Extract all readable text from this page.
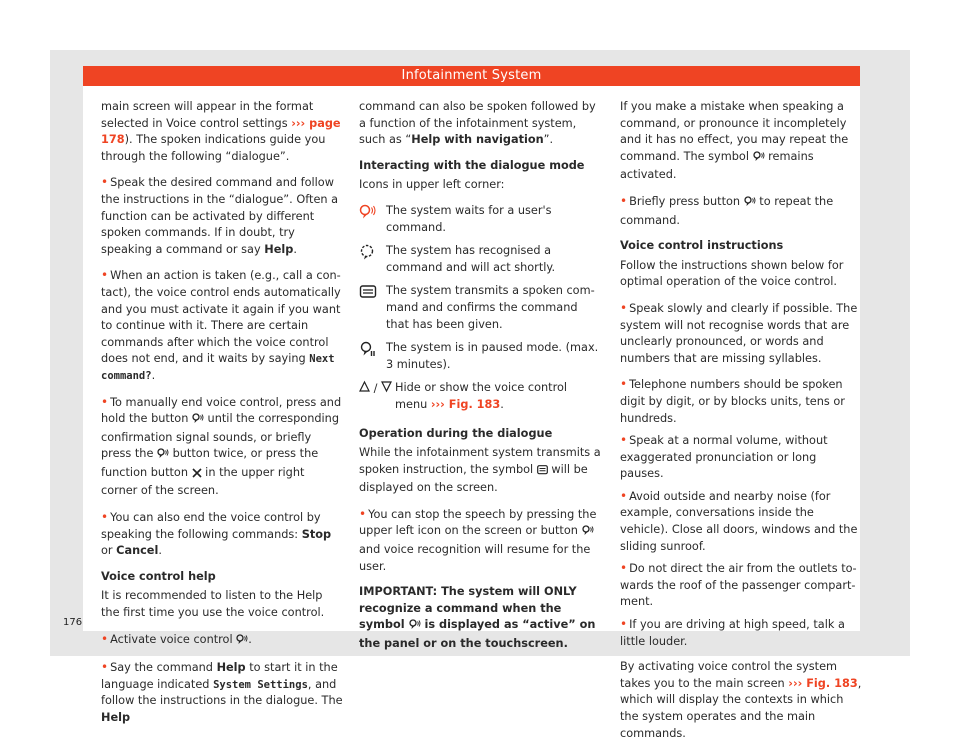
Infotainment System

main screen will appear in the format selected in Voice control settings ››› page 178). The spoken indications guide you through the following “dialogue”.

• Speak the desired command and follow the instructions in the “dialogue”. Often a function can be activated by different spoken commands. If in doubt, try speaking a command or say Help.

• When an action is taken (e.g., call a contact), the voice control ends automatically and you must activate it again if you want to continue with it. There are certain commands after which the voice control does not end, and it waits by saying Next command?.

• To manually end voice control, press and hold the button  until the corresponding confirmation signal sounds, or briefly press the  button twice, or press the function button  in the upper right corner of the screen.

• You can also end the voice control by speaking the following commands: Stop or Cancel.

Voice control help

It is recommended to listen to the Help the first time you use the voice control.

• Activate voice control .

• Say the command Help to start it in the language indicated System Settings, and follow the instructions in the dialogue. The Help

command can also be spoken followed by a function of the infotainment system, such as “Help with navigation”.

Interacting with the dialogue mode

Icons in upper left corner:

The system waits for a user's command.
The system has recognised a command and will act shortly.
The system transmits a spoken command and confirms the command that has been given.
The system is in paused mode. (max. 3 minutes).
/	Hide or show the voice control menu ››› Fig. 183.

Operation during the dialogue

While the infotainment system transmits a spoken instruction, the symbol  will be displayed on the screen.

• You can stop the speech by pressing the upper left icon on the screen or button  and voice recognition will resume for the user.

IMPORTANT: The system will ONLY recognize a command when the symbol  is displayed as “active” on the panel or on the touchscreen.

If you make a mistake when speaking a command, or pronounce it incompletely and it has no effect, you may repeat the command. The symbol  remains activated.

• Briefly press button  to repeat the command.

Voice control instructions

Follow the instructions shown below for optimal operation of the voice control.

• Speak slowly and clearly if possible. The system will not recognise words that are unclearly pronounced, or words and numbers that are missing syllables.

• Telephone numbers should be spoken digit by digit, or by blocks units, tens or hundreds.

• Speak at a normal volume, without exaggerated pronunciation or long pauses.

• Avoid outside and nearby noise (for example, conversations inside the vehicle). Close all doors, windows and the sliding sunroof.

• Do not direct the air from the outlets towards the roof of the passenger compartment.

• If you are driving at high speed, talk a little louder.

By activating voice control the system takes you to the main screen ››› Fig. 183, which will display the contexts in which the system operates and the main commands.

176
